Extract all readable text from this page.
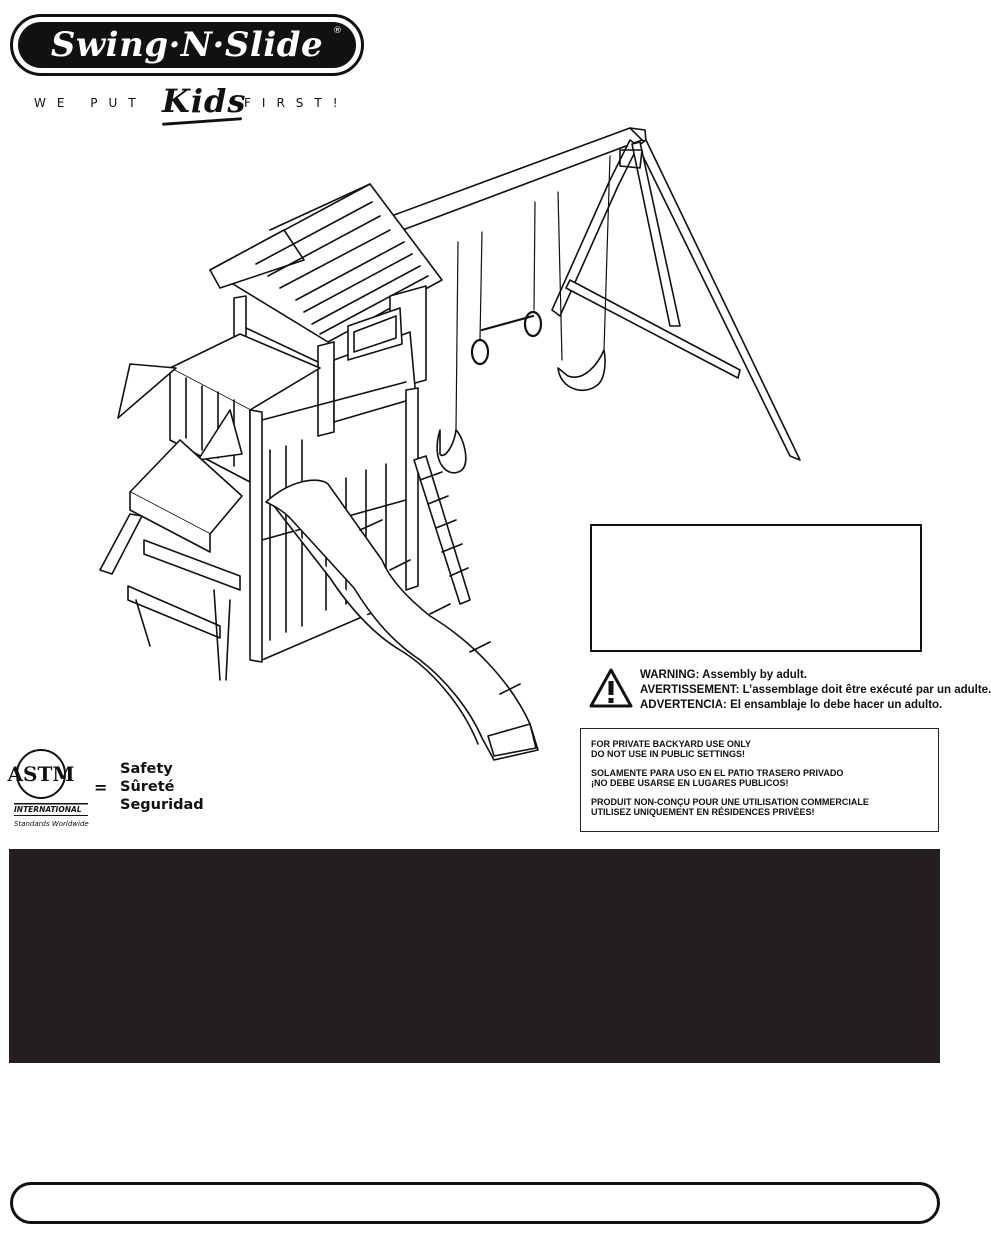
Swing·N·Slide ®
WE PUT Kids
FIRST!
WARNING: Assembly by adult.
AVERTISSEMENT: L’assemblage doit être exécuté par un adulte.
ADVERTENCIA: El ensamblaje lo debe hacer un adulto.

FOR PRIVATE BACKYARD USE ONLY
DO NOT USE IN PUBLIC SETTINGS!

SOLAMENTE PARA USO EN EL PATIO TRASERO PRIVADO
¡NO DEBE USARSE EN LUGARES PUBLICOS!

PRODUIT NON-CONÇU POUR UNE UTILISATION COMMERCIALE
UTILISEZ UNIQUEMENT EN RÉSIDENCES PRIVÉES!

ASTM
INTERNATIONAL
Standards Worldwide
=
Safety
Sûreté
Seguridad
